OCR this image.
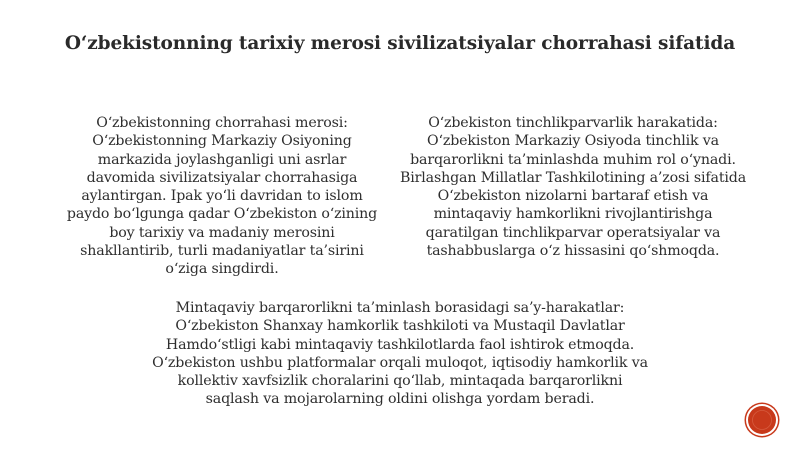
O‘zbekistonning tarixiy merosi sivilizatsiyalar chorrahasi sifatida
O‘zbekistonning chorrahasi merosi:
O‘zbekistonning Markaziy Osiyoning
markazida joylashganligi uni asrlar
davomida sivilizatsiyalar chorrahasiga
aylantirgan. Ipak yo‘li davridan to islom
paydo bo‘lgunga qadar O‘zbekiston o‘zining
boy tarixiy va madaniy merosini
shakllantirib, turli madaniyatlar ta’sirini
o‘ziga singdirdi.
O‘zbekiston tinchlikparvarlik harakatida:
O‘zbekiston Markaziy Osiyoda tinchlik va
barqarorlikni ta’minlashda muhim rol o‘ynadi.
Birlashgan Millatlar Tashkilotining a’zosi sifatida
O‘zbekiston nizolarni bartaraf etish va
mintaqaviy hamkorlikni rivojlantirishga
qaratilgan tinchlikparvar operatsiyalar va
tashabbuslarga o‘z hissasini qo‘shmoqda.
Mintaqaviy barqarorlikni ta’minlash borasidagi sa’y-harakatlar:
O‘zbekiston Shanxay hamkorlik tashkiloti va Mustaqil Davlatlar
Hamdo‘stligi kabi mintaqaviy tashkilotlarda faol ishtirok etmoqda.
O‘zbekiston ushbu platformalar orqali muloqot, iqtisodiy hamkorlik va
kollektiv xavfsizlik choralarini qo‘llab, mintaqada barqarorlikni
saqlash va mojarolarning oldini olishga yordam beradi.
